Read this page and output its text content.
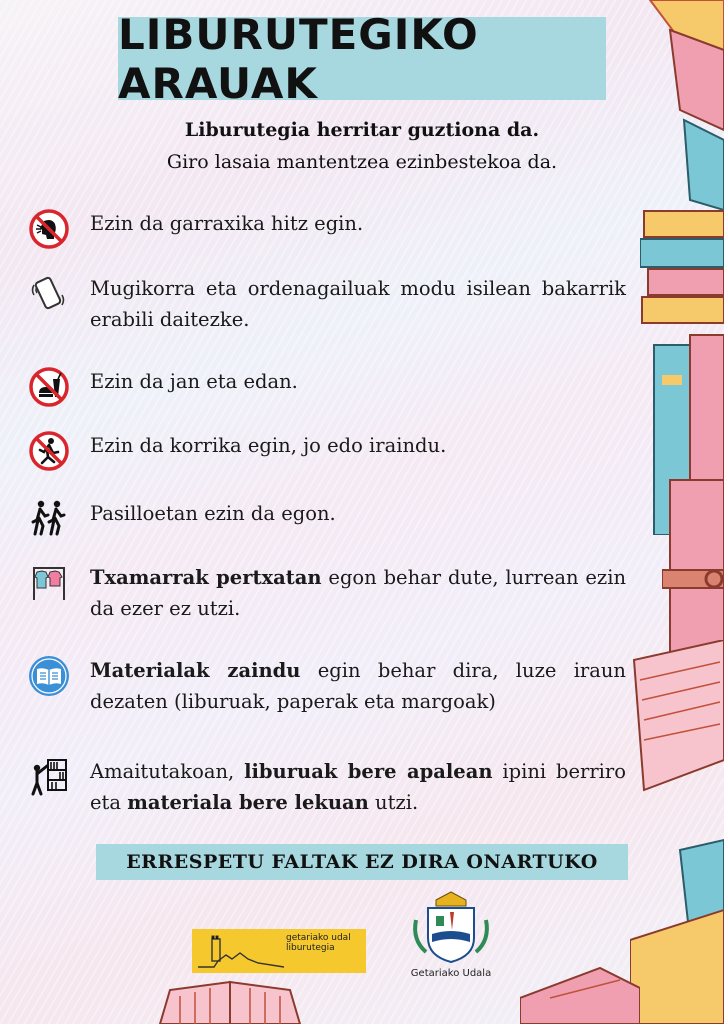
LIBURUTEGIKO ARAUAK
Liburutegia herritar guztiona da.
Giro lasaia mantentzea ezinbestekoa da.
Ezin da garraxika hitz egin.
Mugikorra eta ordenagailuak modu isilean bakarrik erabili daitezke.
Ezin da jan eta edan.
Ezin da korrika egin, jo edo iraindu.
Pasilloetan ezin da egon.
Txamarrak pertxatan egon behar dute, lurrean ezin da ezer ez utzi.
Materialak zaindu egin behar dira, luze iraun dezaten (liburuak, paperak eta margoak)
Amaitutakoan, liburuak bere apalean ipini berriro eta materiala bere lekuan utzi.
ERRESPETU FALTAK EZ DIRA ONARTUKO
getariako udal liburutegia
Getariako Udala
